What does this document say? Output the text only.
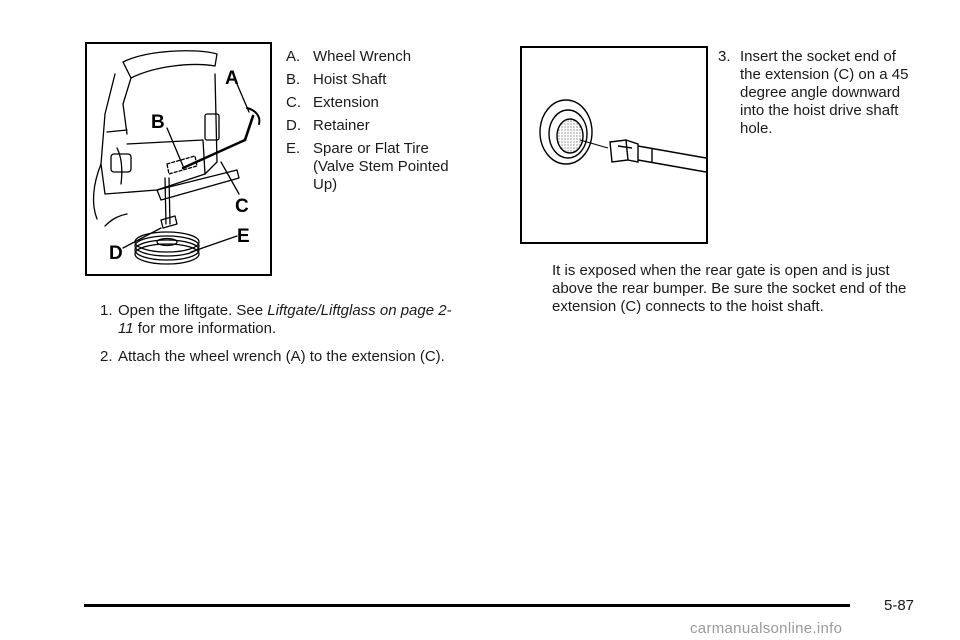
A
B
C
D
E
A. Wheel Wrench
B. Hoist Shaft
C. Extension
D. Retainer
E. Spare or Flat Tire (Valve Stem Pointed Up)
1. Open the liftgate. See Liftgate/Liftglass on page 2-11 for more information.
2. Attach the wheel wrench (A) to the extension (C).
3. Insert the socket end of the extension (C) on a 45 degree angle downward into the hoist drive shaft hole.
It is exposed when the rear gate is open and is just above the rear bumper. Be sure the socket end of the extension (C) connects to the hoist shaft.
5-87
carmanualsonline.info
